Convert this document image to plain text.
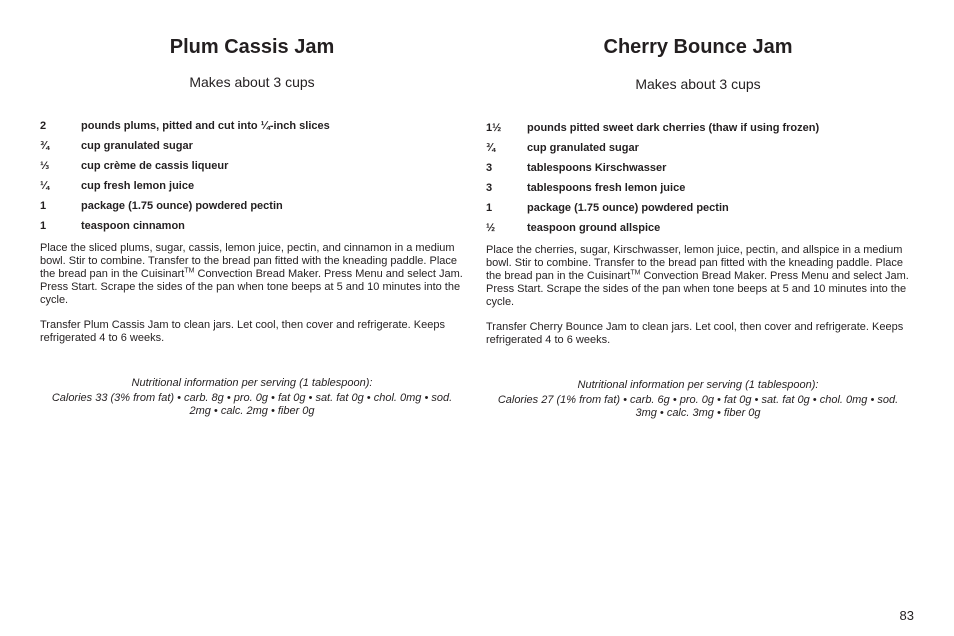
Plum Cassis Jam
Makes about 3 cups
2	pounds plums, pitted and cut into ¼-inch slices
¾	cup granulated sugar
⅓	cup crème de cassis liqueur
¼	cup fresh lemon juice
1	package (1.75 ounce) powdered pectin
1	teaspoon cinnamon

Place the sliced plums, sugar, cassis, lemon juice, pectin, and cinnamon in a medium bowl. Stir to combine. Transfer to the bread pan fitted with the kneading paddle. Place the bread pan in the Cuisinart™ Convection Bread Maker. Press Menu and select Jam. Press Start. Scrape the sides of the pan when tone beeps at 5 and 10 minutes into the cycle.

Transfer Plum Cassis Jam to clean jars. Let cool, then cover and refrigerate. Keeps refrigerated 4 to 6 weeks.

Nutritional information per serving (1 tablespoon):
Calories 33 (3% from fat) • carb. 8g • pro. 0g • fat 0g • sat. fat 0g • chol. 0mg • sod. 2mg • calc. 2mg • fiber 0g
Cherry Bounce Jam
Makes about 3 cups
1½	pounds pitted sweet dark cherries (thaw if using frozen)
¾	cup granulated sugar
3	tablespoons Kirschwasser
3	tablespoons fresh lemon juice
1	package (1.75 ounce) powdered pectin
½	teaspoon ground allspice

Place the cherries, sugar, Kirschwasser, lemon juice, pectin, and allspice in a medium bowl. Stir to combine. Transfer to the bread pan fitted with the kneading paddle. Place the bread pan in the Cuisinart™ Convection Bread Maker. Press Menu and select Jam. Press Start. Scrape the sides of the pan when tone beeps at 5 and 10 minutes into the cycle.

Transfer Cherry Bounce Jam to clean jars. Let cool, then cover and refrigerate. Keeps refrigerated 4 to 6 weeks.

Nutritional information per serving (1 tablespoon):
Calories 27 (1% from fat) • carb. 6g • pro. 0g • fat 0g • sat. fat 0g • chol. 0mg • sod. 3mg • calc. 3mg • fiber 0g
83
